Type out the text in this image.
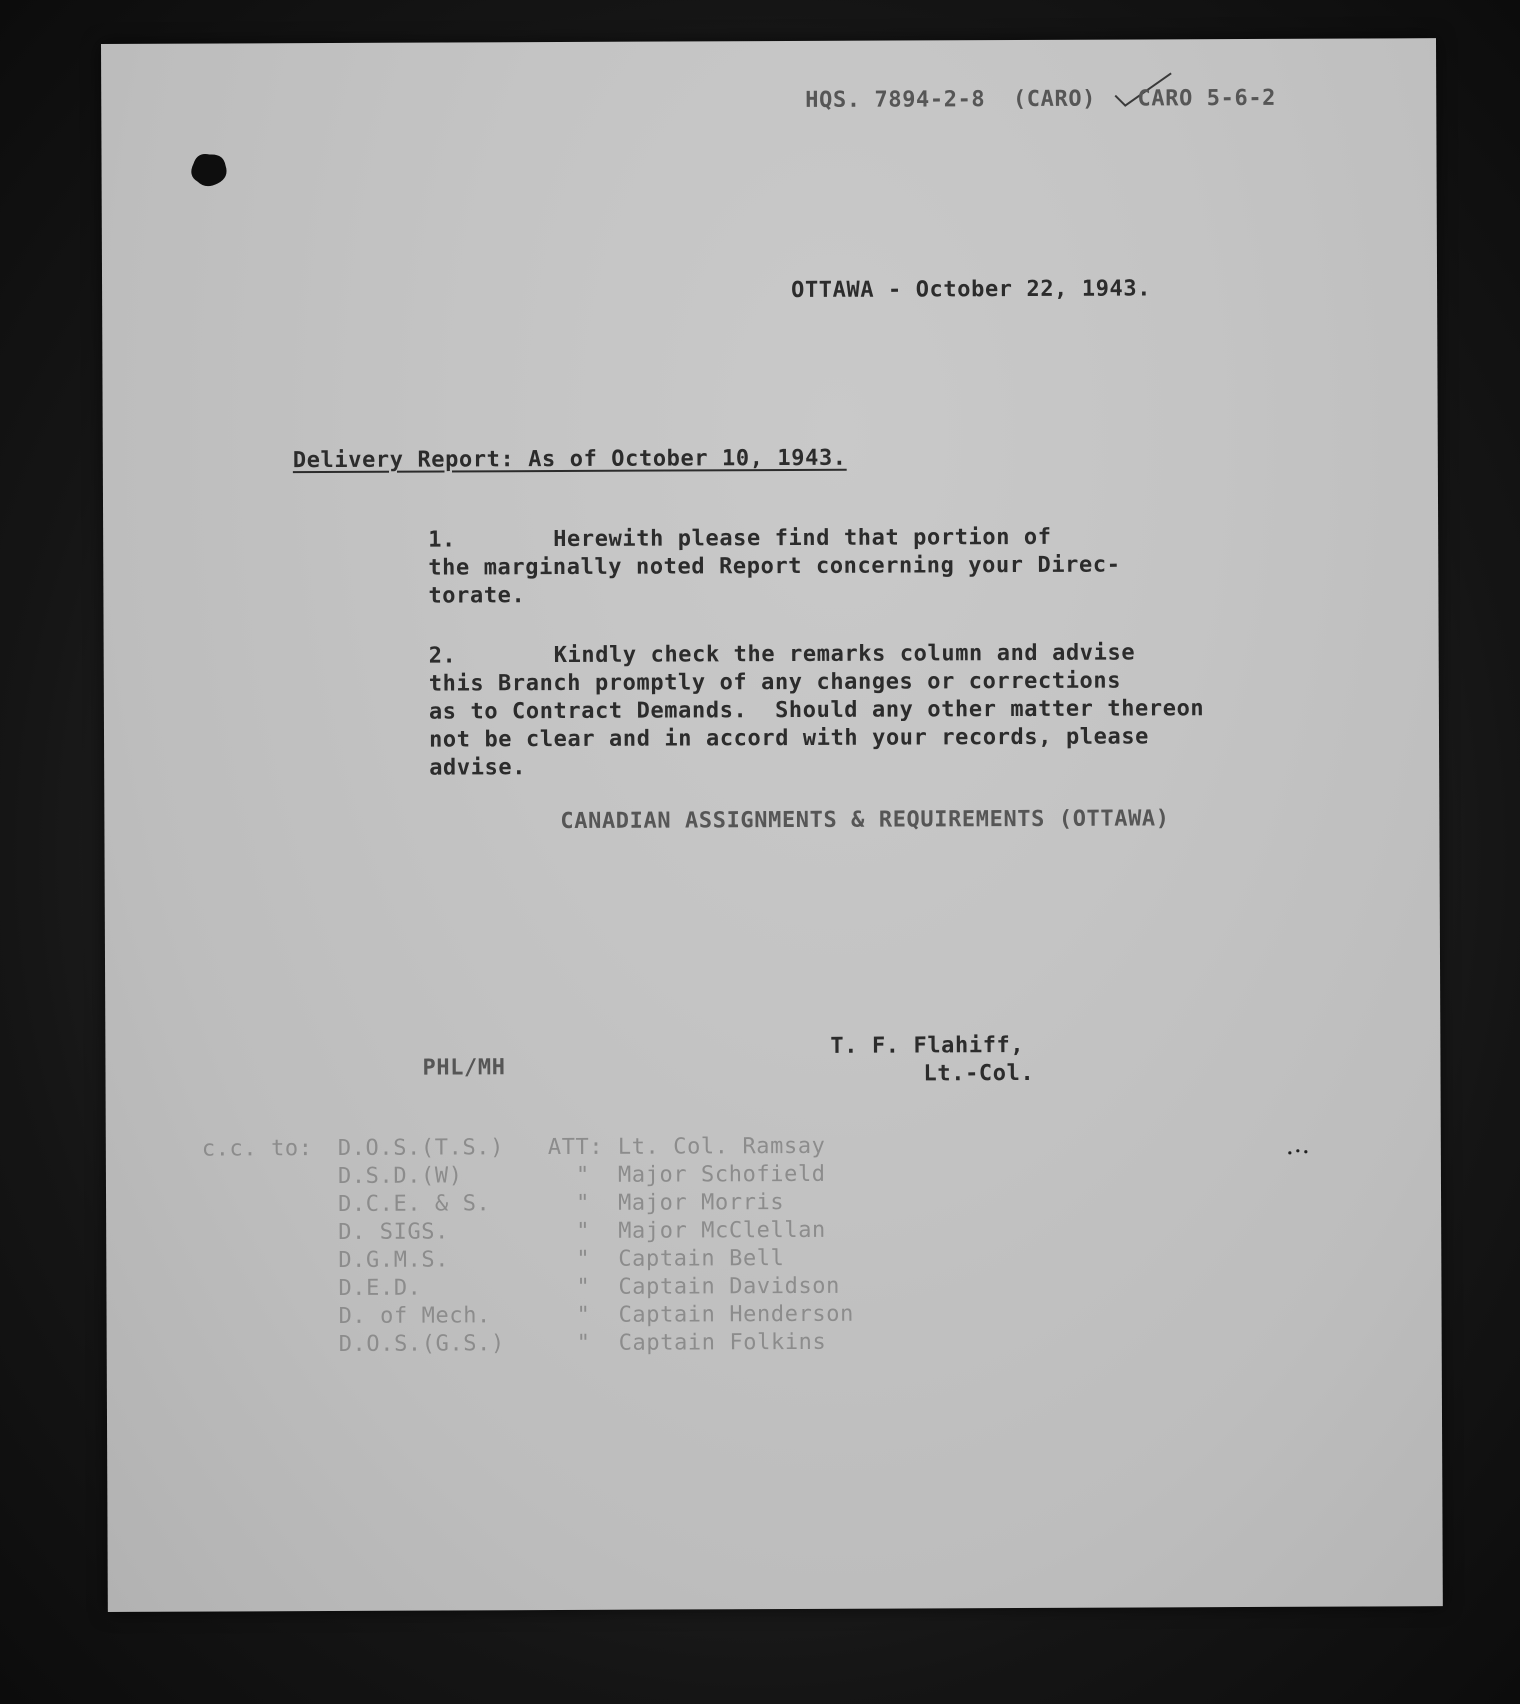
HQS. 7894-2-8  (CARO)   CARO 5-6-2
OTTAWA - October 22, 1943.
Delivery Report: As of October 10, 1943.
1.	Herewith please find that portion of
the marginally noted Report concerning your Direc-
torate.
2.	Kindly check the remarks column and advise
this Branch promptly of any changes or corrections
as to Contract Demands.  Should any other matter thereon
not be clear and in accord with your records, please
advise.
CANADIAN ASSIGNMENTS & REQUIREMENTS (OTTAWA)
T. F. Flahiff,
Lt.-Col.
PHL/MH
c.c. to: D.O.S.(T.S.) ATT: Lt. Col. Ramsay
D.S.D.(W)	" Major Schofield
D.C.E. & S.	" Major Morris
D. SIGS.	" Major McClellan
D.G.M.S.	" Captain Bell
D.E.D.	" Captain Davidson
D. of Mech.	" Captain Henderson
D.O.S.(G.S.)	" Captain Folkins
